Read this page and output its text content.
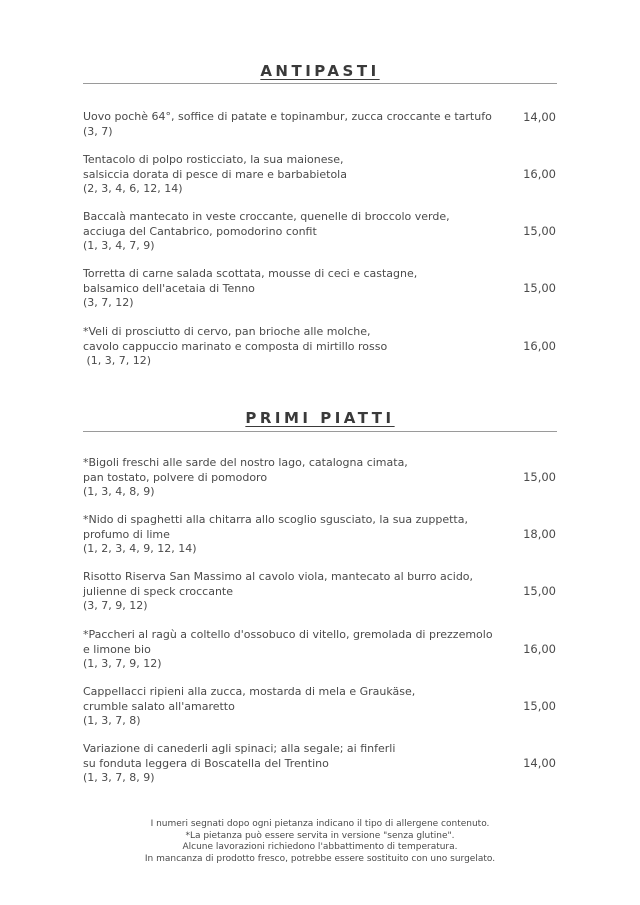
ANTIPASTI
Uovo pochè 64°, soffice di patate e topinambur, zucca croccante e tartufo
(3, 7)
14,00
Tentacolo di polpo rosticciato, la sua maionese,
salsiccia dorata di pesce di mare e barbabietola
(2, 3, 4, 6, 12, 14)
16,00
Baccalà mantecato in veste croccante, quenelle di broccolo verde,
acciuga del Cantabrico, pomodorino confit
(1, 3, 4, 7, 9)
15,00
Torretta di carne salada scottata, mousse di ceci e castagne,
balsamico dell'acetaia di Tenno
(3, 7, 12)
15,00
*Veli di prosciutto di cervo, pan brioche alle molche,
cavolo cappuccio marinato e composta di mirtillo rosso
(1, 3, 7, 12)
16,00
PRIMI PIATTI
*Bigoli freschi alle sarde del nostro lago, catalogna cimata,
pan tostato, polvere di pomodoro
(1, 3, 4, 8, 9)
15,00
*Nido di spaghetti alla chitarra allo scoglio sgusciato, la sua zuppetta,
profumo di lime
(1, 2, 3, 4, 9, 12, 14)
18,00
Risotto Riserva San Massimo al cavolo viola, mantecato al burro acido,
julienne di speck croccante
(3, 7, 9, 12)
15,00
*Paccheri al ragù a coltello d'ossobuco di vitello, gremolada di prezzemolo
e limone bio
(1, 3, 7, 9, 12)
16,00
Cappellacci ripieni alla zucca, mostarda di mela e Graukäse,
crumble salato all'amaretto
(1, 3, 7, 8)
15,00
Variazione di canederli agli spinaci; alla segale; ai finferli
su fonduta leggera di Boscatella del Trentino
(1, 3, 7, 8, 9)
14,00
I numeri segnati dopo ogni pietanza indicano il tipo di allergene contenuto.
*La pietanza può essere servita in versione "senza glutine".
Alcune lavorazioni richiedono l'abbattimento di temperatura.
In mancanza di prodotto fresco, potrebbe essere sostituito con uno surgelato.
